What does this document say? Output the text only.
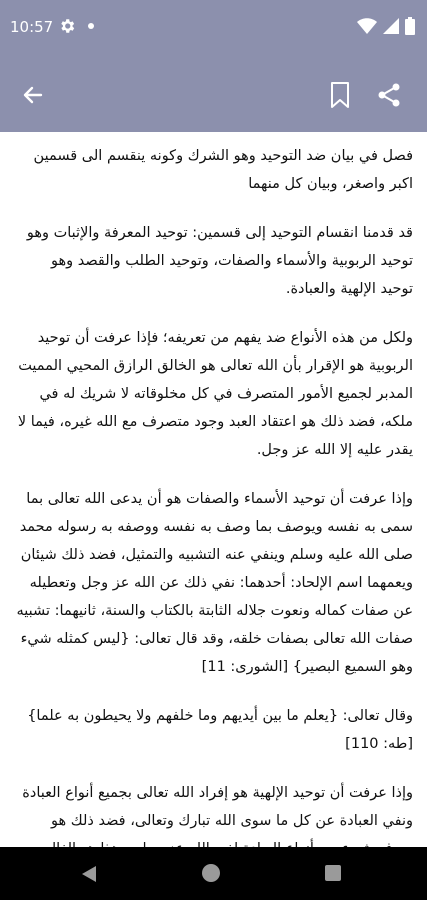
10:57

فصل في بيان ضد التوحيد وهو الشرك وكونه ينقسم الى قسمين اكبر واصغر، وبيان كل منهما

قد قدمنا انقسام التوحيد إلى قسمين: توحيد المعرفة والإثبات وهو توحيد الربوبية والأسماء والصفات، وتوحيد الطلب والقصد وهو توحيد الإلهية والعبادة.

ولكل من هذه الأنواع ضد يفهم من تعريفه؛ فإذا عرفت أن توحيد الربوبية هو الإقرار بأن الله تعالى هو الخالق الرازق المحيي المميت المدبر لجميع الأمور المتصرف في كل مخلوقاته لا شريك له في ملكه، فضد ذلك هو اعتقاد العبد وجود متصرف مع الله غيره، فيما لا يقدر عليه إلا الله عز وجل.

وإذا عرفت أن توحيد الأسماء والصفات هو أن يدعى الله تعالى بما سمى به نفسه ويوصف بما وصف به نفسه ووصفه به رسوله محمد صلى الله عليه وسلم وينفي عنه التشبيه والتمثيل، فضد ذلك شيئان ويعمهما اسم الإلحاد: أحدهما: نفي ذلك عن الله عز وجل وتعطيله عن صفات كماله ونعوت جلاله الثابتة بالكتاب والسنة، ثانيهما: تشبيه صفات الله تعالى بصفات خلقه، وقد قال تعالى: {ليس كمثله شيء وهو السميع البصير} [الشورى: 11]

وقال تعالى: {يعلم ما بين أيديهم وما خلفهم ولا يحيطون به علما} [طه: 110]

وإذا عرفت أن توحيد الإلهية هو إفراد الله تعالى بجميع أنواع العبادة ونفي العبادة عن كل ما سوى الله تبارك وتعالى، فضد ذلك هو
